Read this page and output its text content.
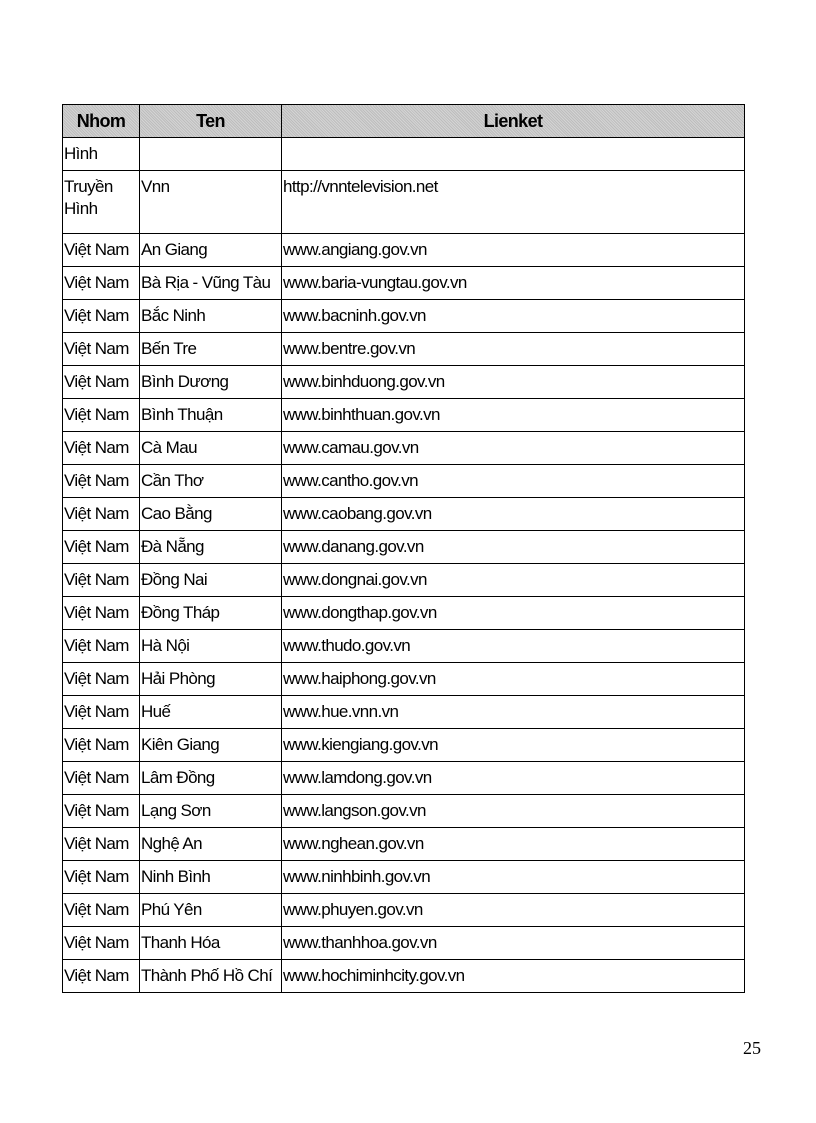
Nhom	Ten	Lienket
Hình		
Truyền Hình	Vnn	http://vnntelevision.net
Việt Nam	An Giang	www.angiang.gov.vn
Việt Nam	Bà Rịa - Vũng Tàu	www.baria-vungtau.gov.vn
Việt Nam	Bắc Ninh	www.bacninh.gov.vn
Việt Nam	Bến Tre	www.bentre.gov.vn
Việt Nam	Bình Dương	www.binhduong.gov.vn
Việt Nam	Bình Thuận	www.binhthuan.gov.vn
Việt Nam	Cà Mau	www.camau.gov.vn
Việt Nam	Cần Thơ	www.cantho.gov.vn
Việt Nam	Cao Bằng	www.caobang.gov.vn
Việt Nam	Đà Nẵng	www.danang.gov.vn
Việt Nam	Đồng Nai	www.dongnai.gov.vn
Việt Nam	Đồng Tháp	www.dongthap.gov.vn
Việt Nam	Hà Nội	www.thudo.gov.vn
Việt Nam	Hải Phòng	www.haiphong.gov.vn
Việt Nam	Huế	www.hue.vnn.vn
Việt Nam	Kiên Giang	www.kiengiang.gov.vn
Việt Nam	Lâm Đồng	www.lamdong.gov.vn
Việt Nam	Lạng Sơn	www.langson.gov.vn
Việt Nam	Nghệ An	www.nghean.gov.vn
Việt Nam	Ninh Bình	www.ninhbinh.gov.vn
Việt Nam	Phú Yên	www.phuyen.gov.vn
Việt Nam	Thanh Hóa	www.thanhhoa.gov.vn
Việt Nam	Thành Phố Hồ Chí	www.hochiminhcity.gov.vn
25
